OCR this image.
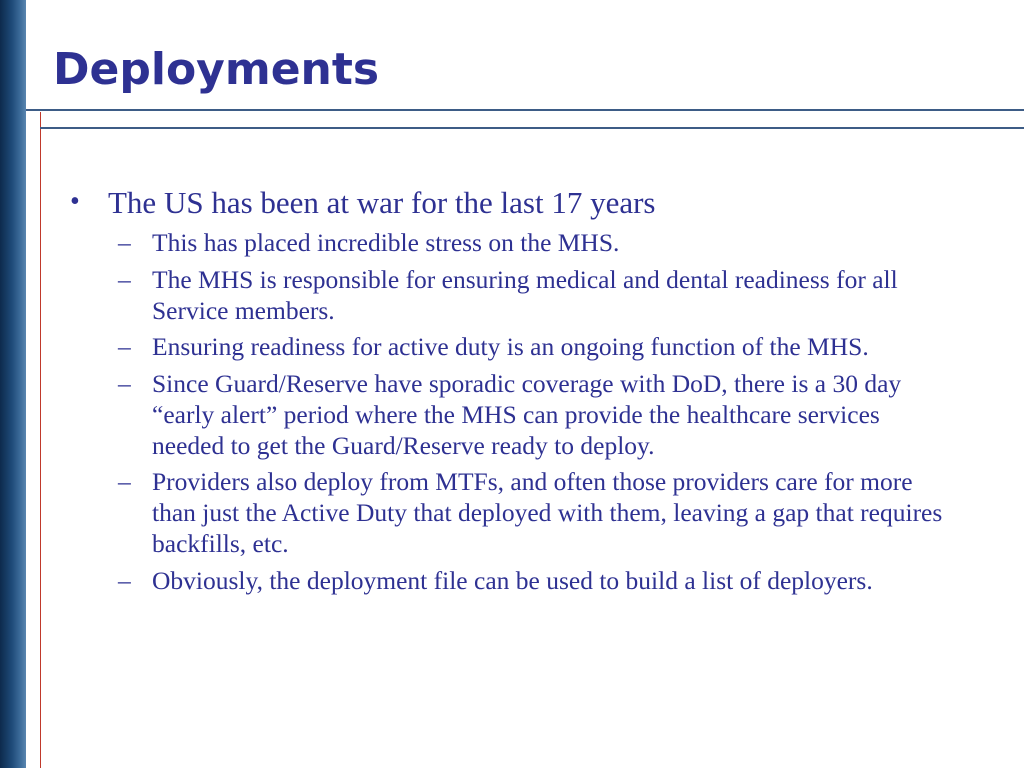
Deployments
• The US has been at war for the last 17 years
– This has placed incredible stress on the MHS.
– The MHS is responsible for ensuring medical and dental readiness for all Service members.
– Ensuring readiness for active duty is an ongoing function of the MHS.
– Since Guard/Reserve have sporadic coverage with DoD, there is a 30 day “early alert” period where the MHS can provide the healthcare services needed to get the Guard/Reserve ready to deploy.
– Providers also deploy from MTFs, and often those providers care for more than just the Active Duty that deployed with them, leaving a gap that requires backfills, etc.
– Obviously, the deployment file can be used to build a list of deployers.
